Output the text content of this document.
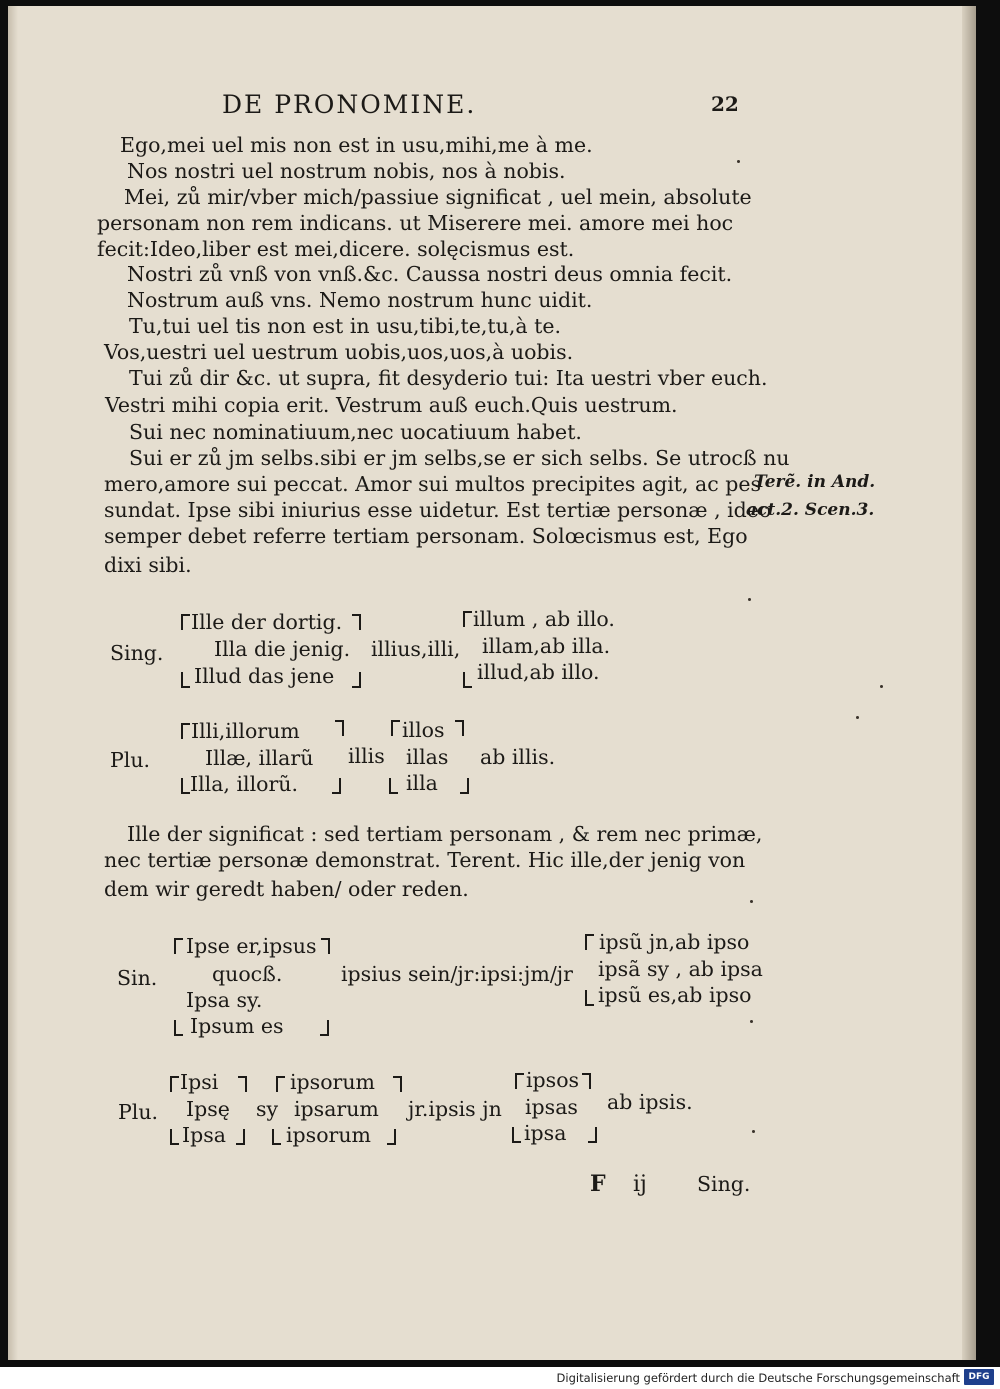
DE PRONOMINE.	22
Ego,mei uel mis non est in usu,mihi,me à me.
Nos nostri uel nostrum nobis, nos à nobis.
Mei, zů mir/vber mich/passiue significat , uel mein, absolute
personam non rem indicans. ut Miserere mei. amore mei hoc
fecit:Ideo,liber est mei,dicere. solęcismus est.
Nostri zů vnß von vnß.&c. Caussa nostri deus omnia fecit.
Nostrum auß vns. Nemo nostrum hunc uidit.
Tu,tui uel tis non est in usu,tibi,te,tu,à te.
Vos,uestri uel uestrum uobis,uos,uos,à uobis.
Tui zů dir &c. ut supra, fit desyderio tui: Ita uestri vber euch.
Vestri mihi copia erit. Vestrum auß euch.Quis uestrum.
Sui nec nominatiuum,nec uocatiuum habet.
Sui er zů jm selbs.sibi er jm selbs,se er sich selbs. Se utrocß nu
mero,amore sui peccat. Amor sui multos precipites agit, ac pes
sundat. Ipse sibi iniurius esse uidetur. Est tertiæ personæ , ideo
semper debet referre tertiam personam. Solœcismus est, Ego
dixi sibi.
Terẽ. in And.
act.2. Scen.3.
Sing.
Ille der dortig.
Illa die jenig.
Illud das jene
illius,illi,
illum , ab illo.
illam,ab illa.
illud,ab illo.
Plu.
Illi,illorum
Illæ, illarũ
Illa, illorũ.
illis
illos
illas
illa
ab illis.
Ille der significat : sed tertiam personam , & rem nec primæ,
nec tertiæ personæ demonstrat. Terent. Hic ille,der jenig von
dem wir geredt haben/ oder reden.
Sin.
Ipse er,ipsus
quocß.
Ipsa sy.
Ipsum es
ipsius sein/jr:ipsi:jm/jr
ipsũ jn,ab ipso
ipsã sy , ab ipsa
ipsũ es,ab ipso
Plu.
Ipsi
Ipsę
Ipsa
sy
ipsorum
ipsarum
ipsorum
jr.ipsis jn
ipsos
ipsas
ipsa
ab ipsis.
F ij Sing.
Digitalisierung gefördert durch die Deutsche Forschungsgemeinschaft DFG
